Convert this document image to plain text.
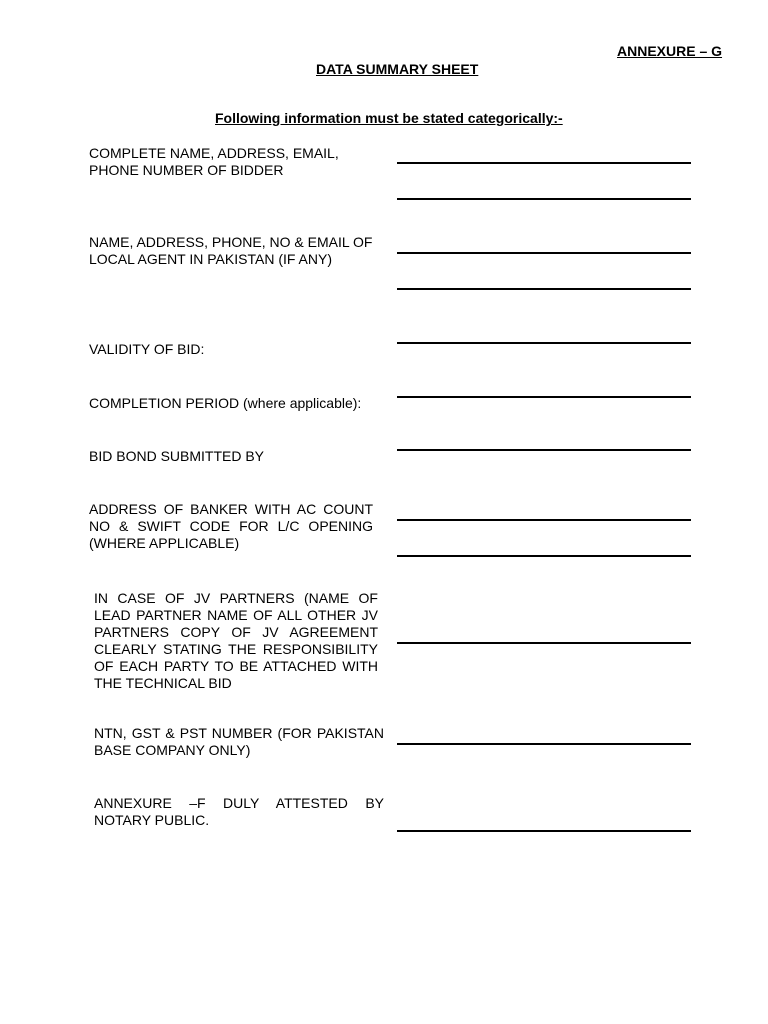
ANNEXURE – G
DATA SUMMARY SHEET
Following information must be stated categorically:-
COMPLETE NAME, ADDRESS, EMAIL, PHONE NUMBER OF BIDDER
NAME, ADDRESS, PHONE, NO & EMAIL OF LOCAL AGENT IN PAKISTAN (IF ANY)
VALIDITY OF BID:
COMPLETION PERIOD (where applicable):
BID BOND SUBMITTED BY
ADDRESS OF BANKER WITH AC COUNT NO & SWIFT CODE FOR L/C OPENING (WHERE APPLICABLE)
IN CASE OF JV PARTNERS (NAME OF LEAD PARTNER NAME OF ALL OTHER JV PARTNERS COPY OF JV AGREEMENT CLEARLY STATING THE RESPONSIBILITY OF EACH PARTY TO BE ATTACHED WITH THE TECHNICAL BID
NTN, GST & PST NUMBER (FOR PAKISTAN BASE COMPANY ONLY)
ANNEXURE –F DULY ATTESTED BY NOTARY PUBLIC.
